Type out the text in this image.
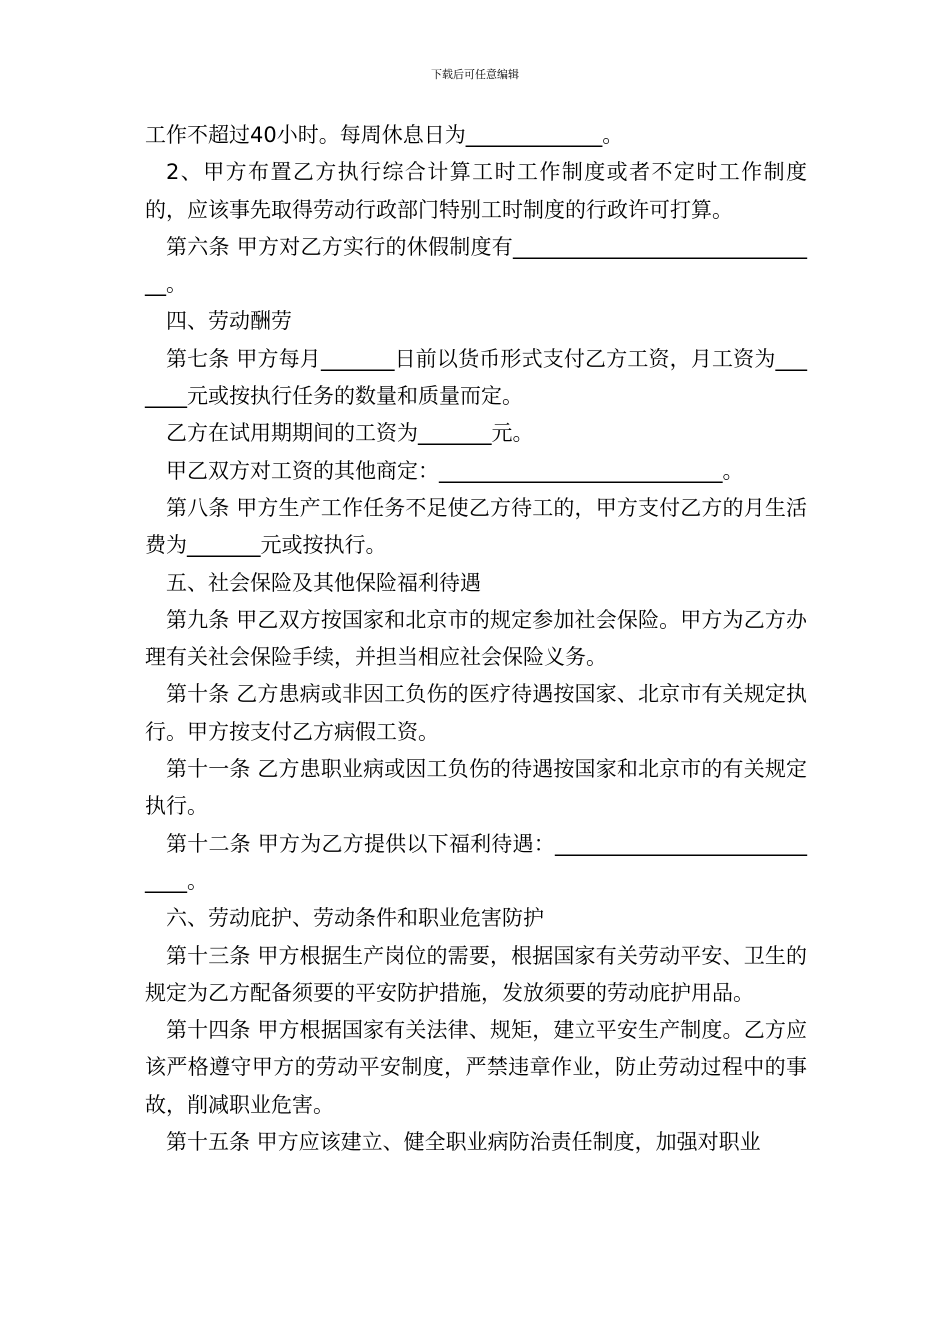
下载后可任意编辑

工作不超过40小时。每周休息日为_____________。

2、甲方布置乙方执行综合计算工时工作制度或者不定时工作制度的，应该事先取得劳动行政部门特别工时制度的行政许可打算。

第六条 甲方对乙方实行的休假制度有______________________________。

四、劳动酬劳

第七条 甲方每月_______日前以货币形式支付乙方工资，月工资为_______元或按执行任务的数量和质量而定。

乙方在试用期期间的工资为_______元。

甲乙双方对工资的其他商定：___________________________。

第八条 甲方生产工作任务不足使乙方待工的，甲方支付乙方的月生活费为_______元或按执行。

五、社会保险及其他保险福利待遇

第九条 甲乙双方按国家和北京市的规定参加社会保险。甲方为乙方办理有关社会保险手续，并担当相应社会保险义务。

第十条 乙方患病或非因工负伤的医疗待遇按国家、北京市有关规定执行。甲方按支付乙方病假工资。

第十一条 乙方患职业病或因工负伤的待遇按国家和北京市的有关规定执行。

第十二条 甲方为乙方提供以下福利待遇：____________________________。

六、劳动庇护、劳动条件和职业危害防护

第十三条 甲方根据生产岗位的需要，根据国家有关劳动平安、卫生的规定为乙方配备须要的平安防护措施，发放须要的劳动庇护用品。

第十四条 甲方根据国家有关法律、规矩，建立平安生产制度。乙方应该严格遵守甲方的劳动平安制度，严禁违章作业，防止劳动过程中的事故，削减职业危害。

第十五条 甲方应该建立、健全职业病防治责任制度，加强对职业
